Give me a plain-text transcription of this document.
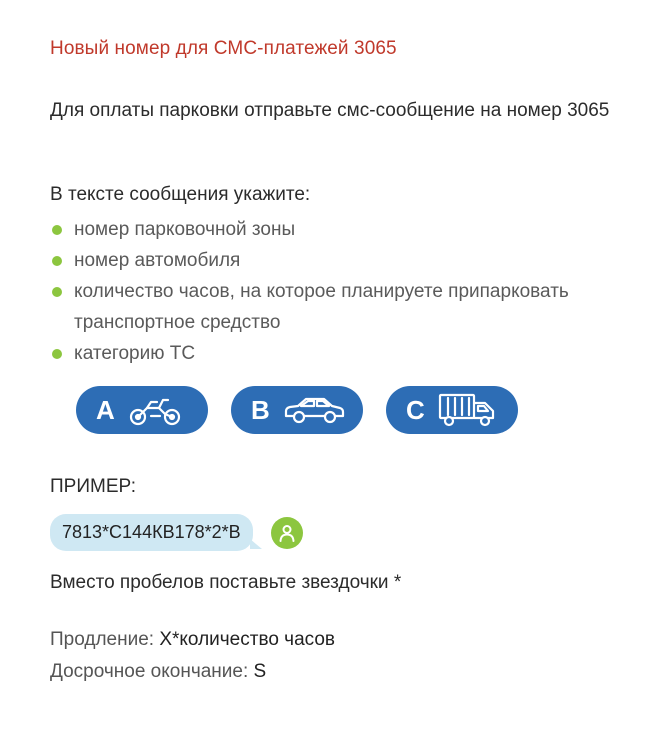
Новый номер для СМС-платежей 3065
Для оплаты парковки отправьте смс-сообщение на номер 3065
В тексте сообщения укажите:
номер парковочной зоны
номер автомобиля
количество часов, на которое планируете припарковать транспортное средство
категорию ТС
A	B	C
ПРИМЕР:
7813*С144КВ178*2*В
Вместо пробелов поставьте звездочки *
Продление: Х*количество часов
Досрочное окончание: S
